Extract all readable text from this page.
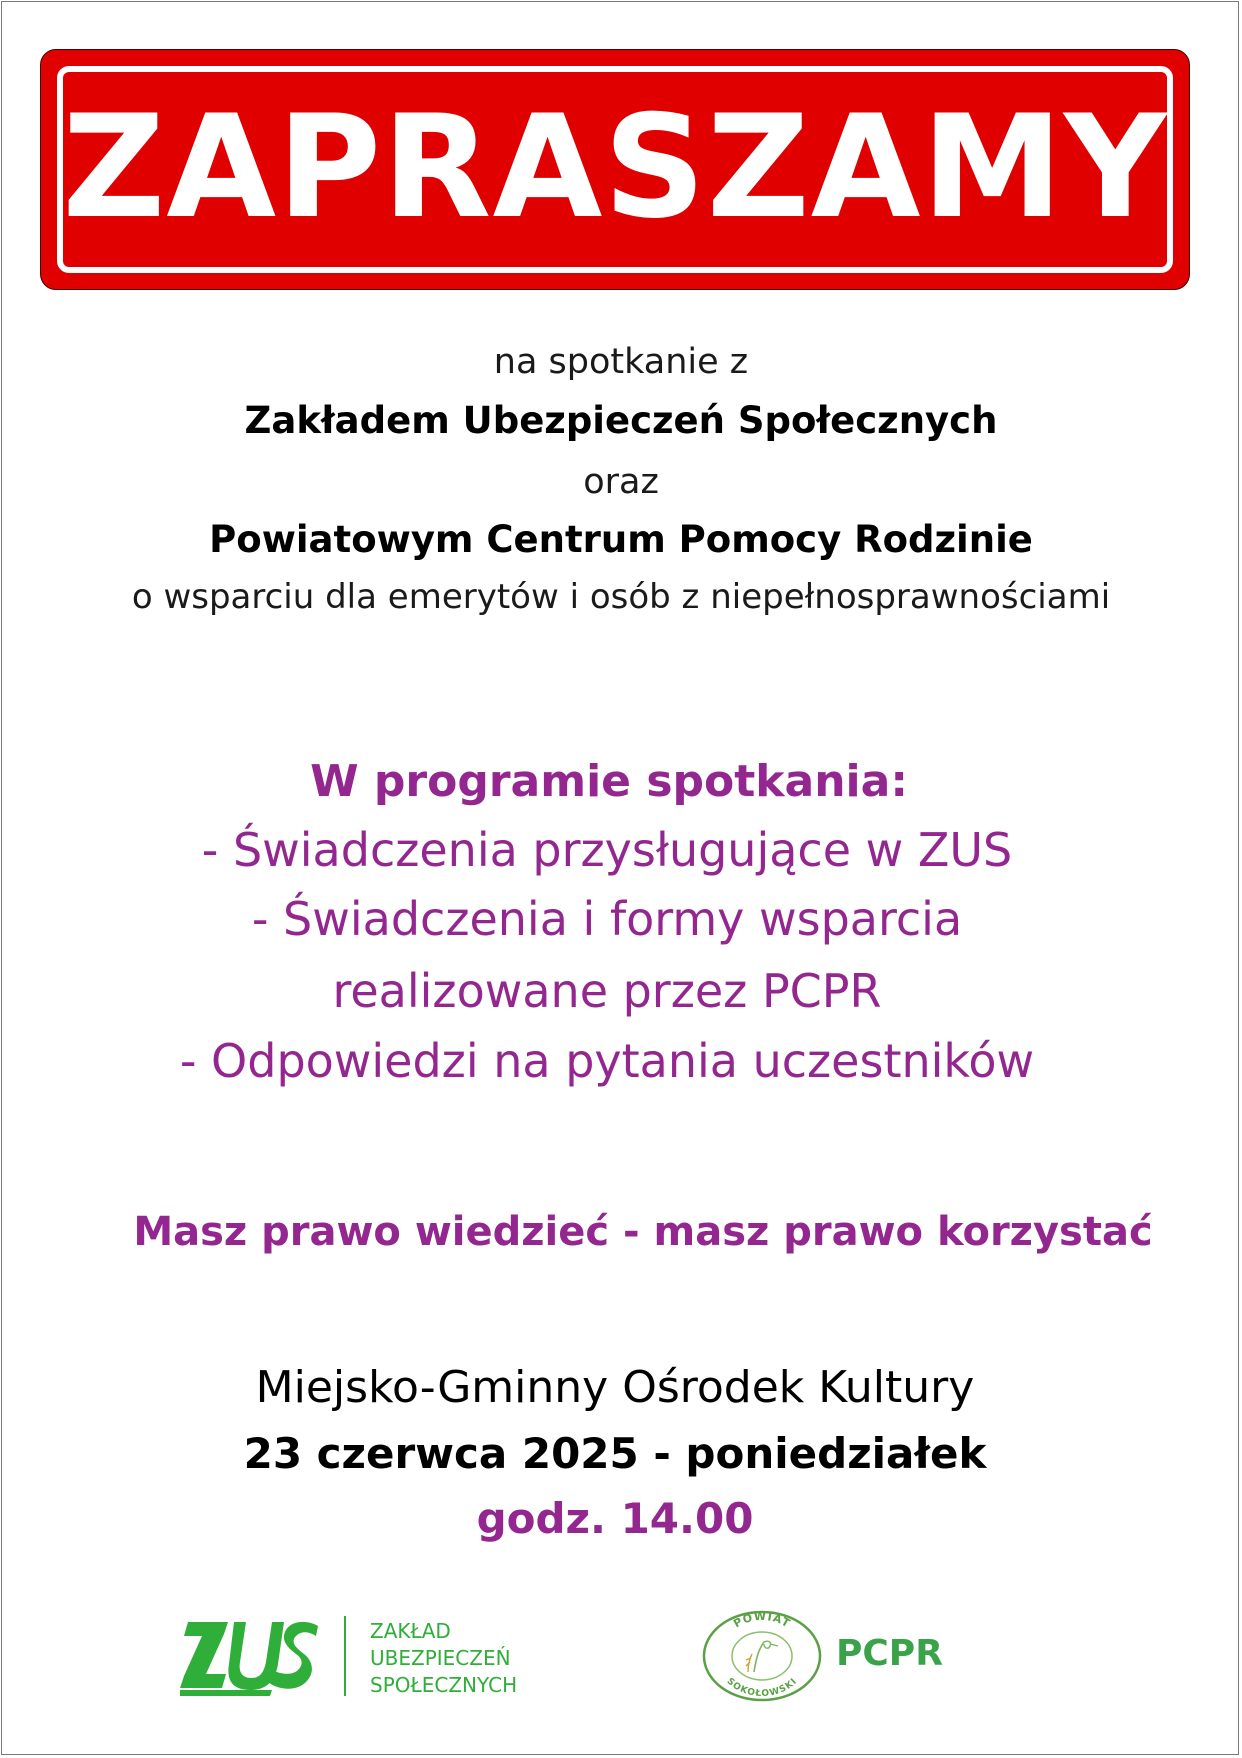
ZAPRASZAMY
na spotkanie z
Zakładem Ubezpieczeń Społecznych
oraz
Powiatowym Centrum Pomocy Rodzinie
o wsparciu dla emerytów i osób z niepełnosprawnościami
W programie spotkania:
- Świadczenia przysługujące w ZUS
- Świadczenia i formy wsparcia
realizowane przez PCPR
- Odpowiedzi na pytania uczestników
Masz prawo wiedzieć - masz prawo korzystać
Miejsko-Gminny Ośrodek Kultury
23 czerwca 2025 - poniedziałek
godz. 14.00
ZAKŁAD
UBEZPIECZEŃ
SPOŁECZNYCH
POWIAT
SOKOŁOWSKI
PCPR
